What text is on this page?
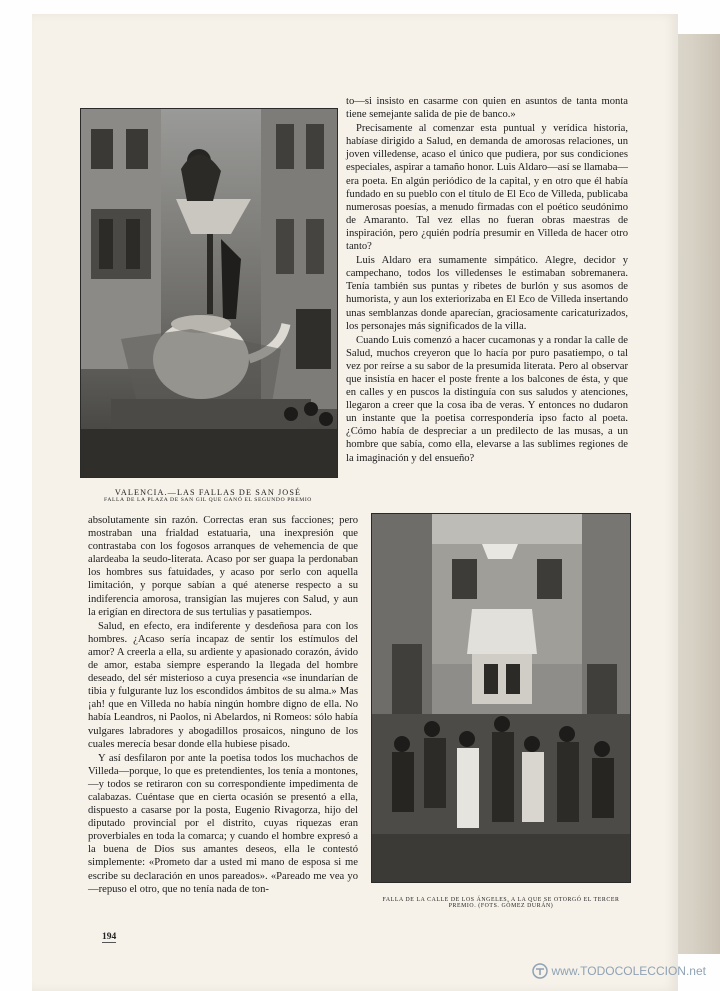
VALENCIA.—LAS FALLAS DE SAN JOSÉ
FALLA DE LA PLAZA DE SAN GIL QUE GANÓ EL SEGUNDO PREMIO

to—si insisto en casarme con quien en asuntos de tanta monta tiene semejante salida de pie de banco.»

Precisamente al comenzar esta puntual y verídica historia, habíase dirigido a Salud, en demanda de amorosas relaciones, un joven villedense, acaso el único que pudiera, por sus condiciones especiales, aspirar a tamaño honor. Luis Aldaro—así se llamaba—era poeta. En algún periódico de la capital, y en otro que él había fundado en su pueblo con el título de El Eco de Villeda, publicaba numerosas poesías, a menudo firmadas con el poético seudónimo de Amaranto. Tal vez ellas no fueran obras maestras de inspiración, pero ¿quién podría presumir en Villeda de hacer otro tanto?

Luis Aldaro era sumamente simpático. Alegre, decidor y campechano, todos los villedenses le estimaban sobremanera. Tenía también sus puntas y ribetes de burlón y sus asomos de humorista, y aun los exteriorizaba en El Eco de Villeda insertando unas semblanzas donde aparecían, graciosamente caricaturizados, los personajes más significados de la villa.

Cuando Luis comenzó a hacer cucamonas y a rondar la calle de Salud, muchos creyeron que lo hacía por puro pasatiempo, o tal vez por reírse a su sabor de la presumida literata. Pero al observar que insistía en hacer el poste frente a los balcones de ésta, y que en calles y en puscos la distinguía con sus saludos y atenciones, llegaron a creer que la cosa iba de veras. Y entonces no dudaron un instante que la poetisa correspondería ipso facto al poeta. ¿Cómo había de despreciar a un predilecto de las musas, a un hombre que sabía, como ella, elevarse a las sublimes regiones de la imaginación y del ensueño?

absolutamente sin razón. Correctas eran sus facciones; pero mostraban una frialdad estatuaria, una inexpresión que contrastaba con los fogosos arranques de vehemencia de que alardeaba la seudo-literata. Acaso por ser guapa la perdonaban los hombres sus fatuidades, y acaso por serlo con aquella limitación, y porque sabían a qué atenerse respecto a su indiferencia amorosa, transigían las mujeres con Salud, y aun la erigían en directora de sus tertulias y pasatiempos.

Salud, en efecto, era indiferente y desdeñosa para con los hombres. ¿Acaso sería incapaz de sentir los estímulos del amor? A creerla a ella, su ardiente y apasionado corazón, ávido de amor, estaba siempre esperando la llegada del hombre deseado, del sér misterioso a cuya presencia «se inundarían de tibia y fulgurante luz los escondidos ámbitos de su alma.» Mas ¡ah! que en Villeda no había ningún hombre digno de ella. No había Leandros, ni Paolos, ni Abelardos, ni Romeos: sólo había vulgares labradores y abogadillos prosaicos, ninguno de los cuales merecía besar donde ella hubiese pisado.

Y así desfilaron por ante la poetisa todos los muchachos de Villeda—porque, lo que es pretendientes, los tenía a montones,—y todos se retiraron con su correspondiente impedimenta de calabazas. Cuéntase que en cierta ocasión se presentó a ella, dispuesto a casarse por la posta, Eugenio Rivagorza, hijo del diputado provincial por el distrito, cuyas riquezas eran proverbiales en toda la comarca; y cuando el hombre expresó a la buena de Dios sus amantes deseos, ella le contestó simplemente: «Prometo dar a usted mi mano de esposa si me escribe su declaración en unos pareados». «Pareado me vea yo—repuso el otro, que no tenía nada de ton-

FALLA DE LA CALLE DE LOS ÁNGELES, A LA QUE SE OTORGÓ EL TERCER
PREMIO. (FOTS. GÓMEZ DURÁN)
194
www.TODOCOLECCION.net
